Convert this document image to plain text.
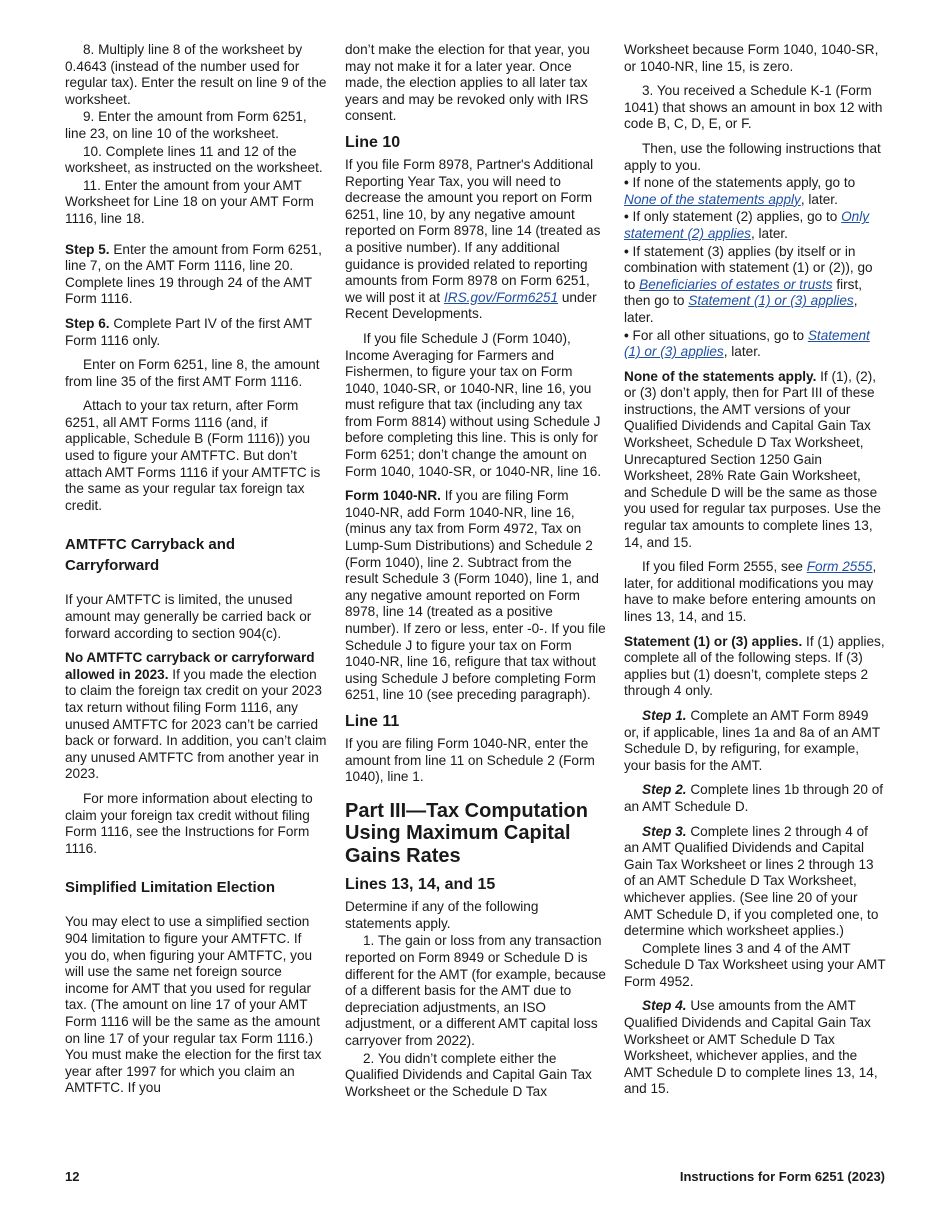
8. Multiply line 8 of the worksheet by 0.4643 (instead of the number used for regular tax). Enter the result on line 9 of the worksheet.

9. Enter the amount from Form 6251, line 23, on line 10 of the worksheet.

10. Complete lines 11 and 12 of the worksheet, as instructed on the worksheet.

11. Enter the amount from your AMT Worksheet for Line 18 on your AMT Form 1116, line 18.

Step 5. Enter the amount from Form 6251, line 7, on the AMT Form 1116, line 20. Complete lines 19 through 24 of the AMT Form 1116.

Step 6. Complete Part IV of the first AMT Form 1116 only.

Enter on Form 6251, line 8, the amount from line 35 of the first AMT Form 1116.

Attach to your tax return, after Form 6251, all AMT Forms 1116 (and, if applicable, Schedule B (Form 1116)) you used to figure your AMTFTC. But don’t attach AMT Forms 1116 if your AMTFTC is the same as your regular tax foreign tax credit.

AMTFTC Carryback and Carryforward

If your AMTFTC is limited, the unused amount may generally be carried back or forward according to section 904(c).

No AMTFTC carryback or carryforward allowed in 2023. If you made the election to claim the foreign tax credit on your 2023 tax return without filing Form 1116, any unused AMTFTC for 2023 can’t be carried back or forward. In addition, you can’t claim any unused AMTFTC from another year in 2023.

For more information about electing to claim your foreign tax credit without filing Form 1116, see the Instructions for Form 1116.

Simplified Limitation Election

You may elect to use a simplified section 904 limitation to figure your AMTFTC. If you do, when figuring your AMTFTC, you will use the same net foreign source income for AMT that you used for regular tax. (The amount on line 17 of your AMT Form 1116 will be the same as the amount on line 17 of your regular tax Form 1116.) You must make the election for the first tax year after 1997 for which you claim an AMTFTC. If you

don’t make the election for that year, you may not make it for a later year. Once made, the election applies to all later tax years and may be revoked only with IRS consent.

Line 10

If you file Form 8978, Partner's Additional Reporting Year Tax, you will need to decrease the amount you report on Form 6251, line 10, by any negative amount reported on Form 8978, line 14 (treated as a positive number). If any additional guidance is provided related to reporting amounts from Form 8978 on Form 6251, we will post it at IRS.gov/Form6251 under Recent Developments.

If you file Schedule J (Form 1040), Income Averaging for Farmers and Fishermen, to figure your tax on Form 1040, 1040-SR, or 1040-NR, line 16, you must refigure that tax (including any tax from Form 8814) without using Schedule J before completing this line. This is only for Form 6251; don’t change the amount on Form 1040, 1040-SR, or 1040-NR, line 16.

Form 1040-NR. If you are filing Form 1040-NR, add Form 1040-NR, line 16, (minus any tax from Form 4972, Tax on Lump-Sum Distributions) and Schedule 2 (Form 1040), line 2. Subtract from the result Schedule 3 (Form 1040), line 1, and any negative amount reported on Form 8978, line 14 (treated as a positive number). If zero or less, enter -0-. If you file Schedule J to figure your tax on Form 1040-NR, line 16, refigure that tax without using Schedule J before completing Form 6251, line 10 (see preceding paragraph).

Line 11

If you are filing Form 1040-NR, enter the amount from line 11 on Schedule 2 (Form 1040), line 1.

Part III—Tax Computation Using Maximum Capital Gains Rates
Lines 13, 14, and 15

Determine if any of the following statements apply.

1. The gain or loss from any transaction reported on Form 8949 or Schedule D is different for the AMT (for example, because of a different basis for the AMT due to depreciation adjustments, an ISO adjustment, or a different AMT capital loss carryover from 2022).

2. You didn’t complete either the Qualified Dividends and Capital Gain Tax Worksheet or the Schedule D Tax

Worksheet because Form 1040, 1040-SR, or 1040-NR, line 15, is zero.

3. You received a Schedule K-1 (Form 1041) that shows an amount in box 12 with code B, C, D, E, or F.

Then, use the following instructions that apply to you.

• If none of the statements apply, go to None of the statements apply, later.

• If only statement (2) applies, go to Only statement (2) applies, later.

• If statement (3) applies (by itself or in combination with statement (1) or (2)), go to Beneficiaries of estates or trusts first, then go to Statement (1) or (3) applies, later.

• For all other situations, go to Statement (1) or (3) applies, later.

None of the statements apply. If (1), (2), or (3) don’t apply, then for Part III of these instructions, the AMT versions of your Qualified Dividends and Capital Gain Tax Worksheet, Schedule D Tax Worksheet, Unrecaptured Section 1250 Gain Worksheet, 28% Rate Gain Worksheet, and Schedule D will be the same as those you used for regular tax purposes. Use the regular tax amounts to complete lines 13, 14, and 15.

If you filed Form 2555, see Form 2555, later, for additional modifications you may have to make before entering amounts on lines 13, 14, and 15.

Statement (1) or (3) applies. If (1) applies, complete all of the following steps. If (3) applies but (1) doesn’t, complete steps 2 through 4 only.

Step 1. Complete an AMT Form 8949 or, if applicable, lines 1a and 8a of an AMT Schedule D, by refiguring, for example, your basis for the AMT.

Step 2. Complete lines 1b through 20 of an AMT Schedule D.

Step 3. Complete lines 2 through 4 of an AMT Qualified Dividends and Capital Gain Tax Worksheet or lines 2 through 13 of an AMT Schedule D Tax Worksheet, whichever applies. (See line 20 of your AMT Schedule D, if you completed one, to determine which worksheet applies.)

Complete lines 3 and 4 of the AMT Schedule D Tax Worksheet using your AMT Form 4952.

Step 4. Use amounts from the AMT Qualified Dividends and Capital Gain Tax Worksheet or AMT Schedule D Tax Worksheet, whichever applies, and the AMT Schedule D to complete lines 13, 14, and 15.

12	Instructions for Form 6251 (2023)
